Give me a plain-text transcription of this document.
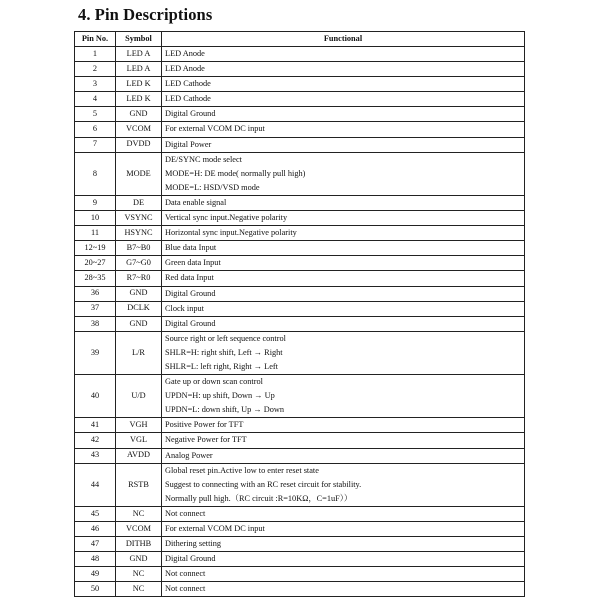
4. Pin Descriptions
Pin No.	Symbol	Functional
1	LED A	LED Anode

2	LED A	LED Anode

3	LED K	LED Cathode

4	LED K	LED Cathode

5	GND	Digital Ground

6	VCOM	For external VCOM DC input

7	DVDD	Digital Power

8	MODE	DE/SYNC mode select
MODE=H: DE mode( normally pull high)
MODE=L: HSD/VSD mode

9	DE	Data enable signal

10	VSYNC	Vertical sync input.Negative polarity

11	HSYNC	Horizontal sync input.Negative polarity

12~19	B7~B0	Blue data Input

20~27	G7~G0	Green data Input

28~35	R7~R0	Red data Input

36	GND	Digital Ground

37	DCLK	Clock input

38	GND	Digital Ground

39	L/R	Source right or left sequence control
SHLR=H: right shift, Left → Right
SHLR=L: left right, Right → Left

40	U/D	Gate up or down scan control
UPDN=H: up shift, Down → Up
UPDN=L: down shift, Up → Down

41	VGH	Positive Power for TFT

42	VGL	Negative Power for TFT

43	AVDD	Analog Power

44	RSTB	Global reset pin.Active low to enter reset state
Suggest to connecting with an RC reset circuit for stability.
Normally pull high.（RC circuit :R=10KΩ，C=1uF））

45	NC	Not connect

46	VCOM	For external VCOM DC input

47	DITHB	Dithering setting

48	GND	Digital Ground

49	NC	Not connect

50	NC	Not connect
